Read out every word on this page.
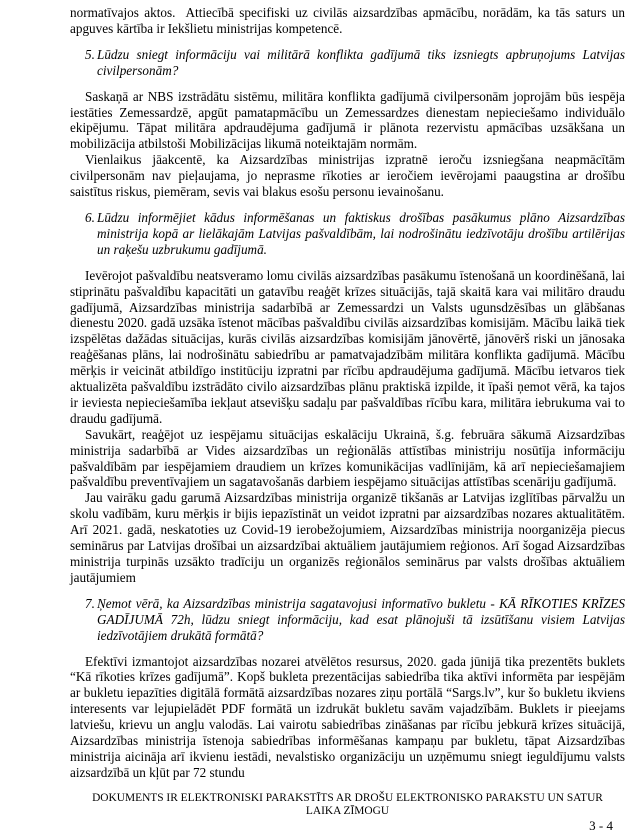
normatīvajos aktos.  Attiecībā specifiski uz civilās aizsardzības apmācību, norādām, ka tās saturs un apguves kārtība ir Iekšlietu ministrijas kompetencē.

5. Lūdzu sniegt informāciju vai militārā konflikta gadījumā tiks izsniegts apbruņojums Latvijas civilpersonām?

Saskaņā ar NBS izstrādātu sistēmu, militāra konflikta gadījumā civilpersonām joprojām būs iespēja iestāties Zemessardzē, apgūt pamatapmācību un Zemessardzes dienestam nepieciešamo individuālo ekipējumu. Tāpat militāra apdraudējuma gadījumā ir plānota rezervistu apmācības uzsākšana un mobilizācija atbilstoši Mobilizācijas likumā noteiktajām normām.

Vienlaikus jāakcentē, ka Aizsardzības ministrijas izpratnē ieroču izsniegšana neapmācītām civilpersonām nav pieļaujama, jo neprasme rīkoties ar ieročiem ievērojami paaugstina ar drošību saistītus riskus, piemēram, sevis vai blakus esošu personu ievainošanu.

6. Lūdzu informējiet kādus informēšanas un faktiskus drošības pasākumus plāno Aizsardzības ministrija kopā ar lielākajām Latvijas pašvaldībām, lai nodrošinātu iedzīvotāju drošību artilērijas un raķešu uzbrukumu gadījumā.

Ievērojot pašvaldību neatsveramo lomu civilās aizsardzības pasākumu īstenošanā un koordinēšanā, lai stiprinātu pašvaldību kapacitāti un gatavību reaģēt krīzes situācijās, tajā skaitā kara vai militāro draudu gadījumā, Aizsardzības ministrija sadarbībā ar Zemessardzi un Valsts ugunsdzēsības un glābšanas dienestu 2020. gadā uzsāka īstenot mācības pašvaldību civilās aizsardzības komisijām. Mācību laikā tiek izspēlētas dažādas situācijas, kurās civilās aizsardzības komisijām jānovērtē, jānovērš riski un jānosaka reaģēšanas plāns, lai nodrošinātu sabiedrību ar pamatvajadzībām militāra konflikta gadījumā. Mācību mērķis ir veicināt atbildīgo institūciju izpratni par rīcību apdraudējuma gadījumā. Mācību ietvaros tiek aktualizēta pašvaldību izstrādāto civilo aizsardzības plānu praktiskā izpilde, it īpaši ņemot vērā, ka tajos ir ieviesta nepieciešamība iekļaut atsevišķu sadaļu par pašvaldības rīcību kara, militāra iebrukuma vai to draudu gadījumā.

Savukārt, reaģējot uz iespējamu situācijas eskalāciju Ukrainā, š.g. februāra sākumā Aizsardzības ministrija sadarbībā ar Vides aizsardzības un reģionālās attīstības ministriju nosūtīja informāciju pašvaldībām par iespējamiem draudiem un krīzes komunikācijas vadlīnijām, kā arī nepieciešamajiem pašvaldību preventīvajiem un sagatavošanās darbiem iespējamo situācijas attīstības scenāriju gadījumā.

Jau vairāku gadu garumā Aizsardzības ministrija organizē tikšanās ar Latvijas izglītības pārvalžu un skolu vadībām, kuru mērķis ir bijis iepazīstināt un veidot izpratni par aizsardzības nozares aktualitātēm. Arī 2021. gadā, neskatoties uz Covid-19 ierobežojumiem, Aizsardzības ministrija noorganizēja piecus seminārus par Latvijas drošībai un aizsardzībai aktuāliem jautājumiem reģionos. Arī šogad Aizsardzības ministrija turpinās uzsākto tradīciju un organizēs reģionālos seminārus par valsts drošības aktuāliem jautājumiem

7. Ņemot vērā, ka Aizsardzības ministrija sagatavojusi informatīvo bukletu - KĀ RĪKOTIES KRĪZES GADĪJUMĀ 72h, lūdzu sniegt informāciju, kad esat plānojuši tā izsūtīšanu visiem Latvijas iedzīvotājiem drukātā formātā?

Efektīvi izmantojot aizsardzības nozarei atvēlētos resursus, 2020. gada jūnijā tika prezentēts buklets “Kā rīkoties krīzes gadījumā”. Kopš bukleta prezentācijas sabiedrība tika aktīvi informēta par iespējām ar bukletu iepazīties digitālā formātā aizsardzības nozares ziņu portālā “Sargs.lv”, kur šo bukletu ikviens interesents var lejupielādēt PDF formātā un izdrukāt bukletu savām vajadzībām. Buklets ir pieejams latviešu, krievu un angļu valodās. Lai vairotu sabiedrības zināšanas par rīcību jebkurā krīzes situācijā, Aizsardzības ministrija īstenoja sabiedrības informēšanas kampaņu par bukletu, tāpat Aizsardzības ministrija aicināja arī ikvienu iestādi, nevalstisko organizāciju un uzņēmumu sniegt ieguldījumu valsts aizsardzībā un kļūt par 72 stundu

DOKUMENTS IR ELEKTRONISKI PARAKSTĪTS AR DROŠU ELEKTRONISKO PARAKSTU UN SATUR
LAIKA ZĪMOGU
3 - 4
